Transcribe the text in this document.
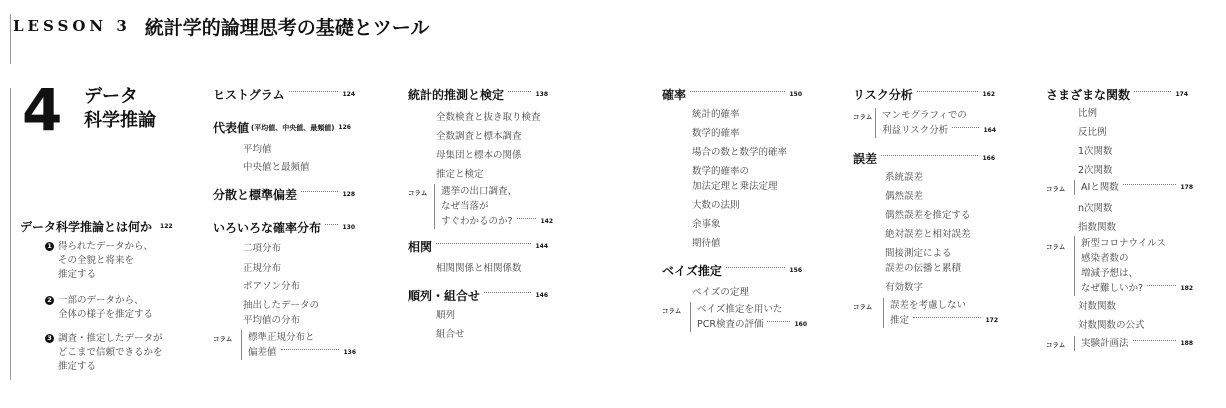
LESSON 3 統計学的論理思考の基礎とツール
4 データ
科学推論
データ科学推論とは何か 122
1 得られたデータから、
その全貌と将来を
推定する
2 一部のデータから、
全体の様子を推定する
3 調査・推定したデータが
どこまで信頼できるかを
推定する
ヒストグラム	124
代表値 (平均値、中央値、最頻値) 126
平均値
中央値と最頻値
分散と標準偏差	128
いろいろな確率分布	130
二項分布
正規分布
ポアソン分布
抽出したデータの
平均値の分布
コラム 標準正規分布と
偏差値	136
統計的推測と検定	138
全数検査と抜き取り検査
全数調査と標本調査
母集団と標本の関係
推定と検定
コラム 選挙の出口調査、
なぜ当落が
すぐわかるのか?	142
相関	144
相関関係と相関係数
順列・組合せ	146
順列
組合せ
確率	150
統計的確率
数学的確率
場合の数と数学的確率
数学的確率の
加法定理と乗法定理
大数の法則
余事象
期待値
ベイズ推定	156
ベイズの定理
コラム ベイズ推定を用いた
PCR検査の評価	160
リスク分析	162
コラム マンモグラフィでの
利益リスク分析	164
誤差	166
系統誤差
偶然誤差
偶然誤差を推定する
絶対誤差と相対誤差
間接測定による
誤差の伝播と累積
有効数字
コラム 誤差を考慮しない
推定	172
さまざまな関数	174
比例
反比例
1次関数
2次関数
コラム AIと関数	178
n次関数
指数関数
コラム 新型コロナウイルス
感染者数の
増減予想は、
なぜ難しいか?	182
対数関数
対数関数の公式
コラム 実験計画法	188
